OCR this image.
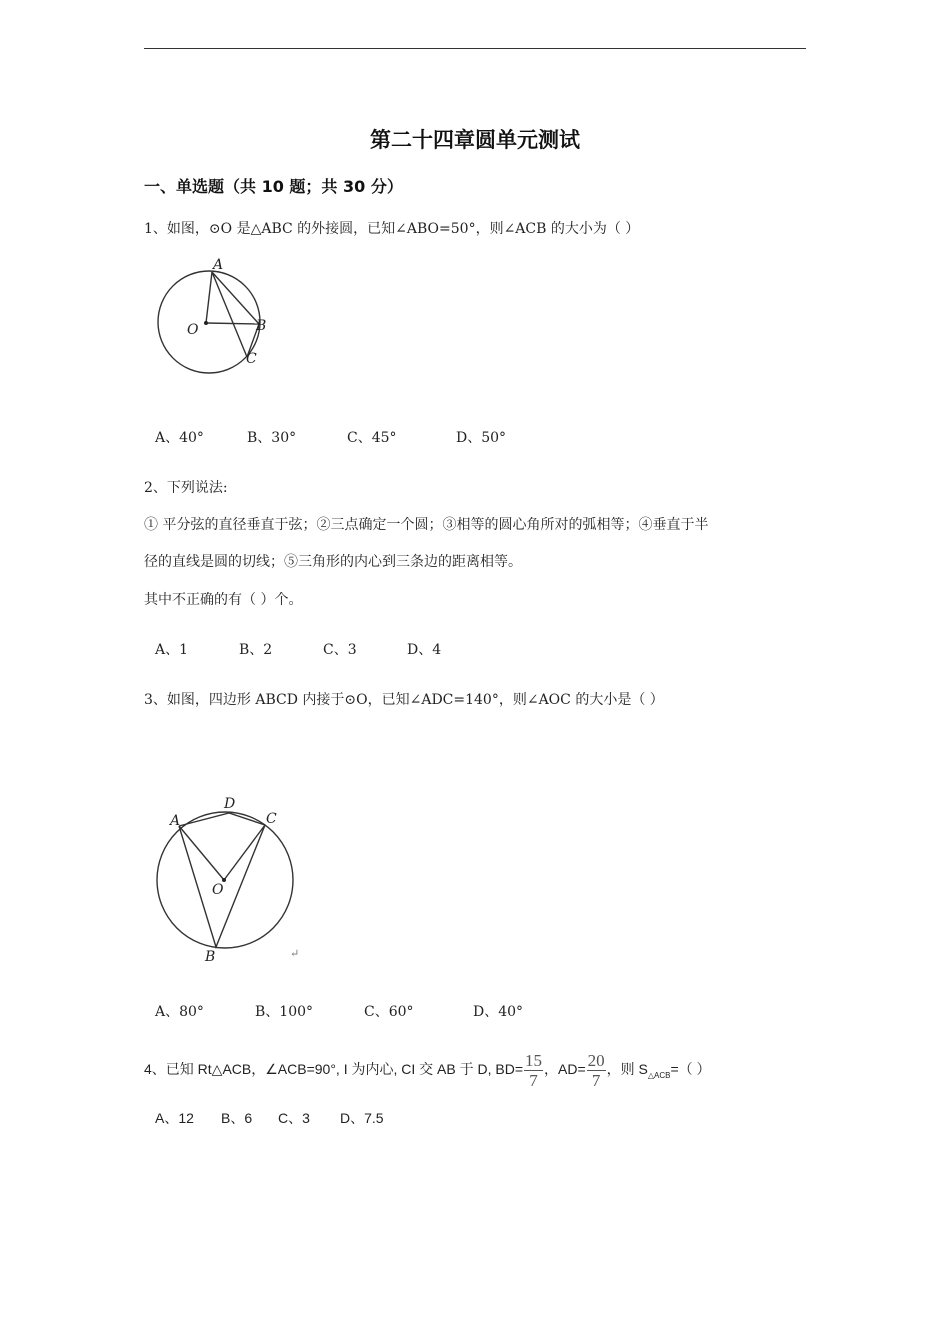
第二十四章圆单元测试
一、单选题（共 10 题；共 30 分）
1、如图，⊙O 是△ABC 的外接圆，已知∠ABO=50°，则∠ACB 的大小为（ ）
A
O	B
C
A、40°	B、30°	C、45°	D、50°
2、下列说法:
① 平分弦的直径垂直于弦；②三点确定一个圆；③相等的圆心角所对的弧相等；④垂直于半
径的直线是圆的切线；⑤三角形的内心到三条边的距离相等。
其中不正确的有（ ）个。
A、1	B、2	C、3	D、4
3、如图，四边形 ABCD 内接于⊙O，已知∠ADC=140°，则∠AOC 的大小是（ ）
A
D
C
O
B	↵
A、80°	B、100°	C、60°	D、40°
4、已知 Rt△ACB，∠ACB=90°, I 为内心, CI 交 AB 于 D, $BD= \frac{15}{7}$ ，$AD= \frac{20}{7}$ ，则 $S_{\triangle ACB}=$（ ）
A、12 B、6 C、3 D、7.5
